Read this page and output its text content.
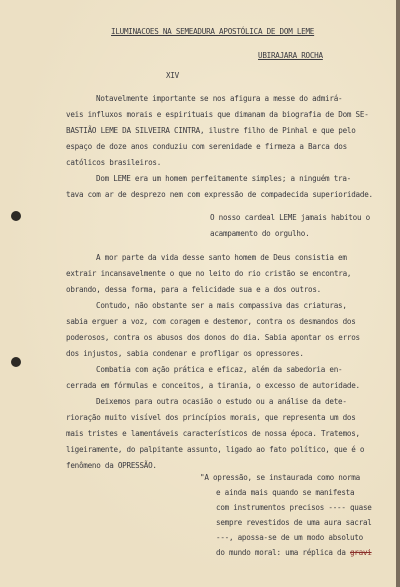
ILUMINACOES NA SEMEADURA APOSTÓLICA DE DOM LEME
UBIRAJARA ROCHA
XIV
Notavelmente importante se nos afigura a messe do admirá-
veis influxos morais e espirituais que dimanam da biografia de Dom SE-
BASTIÃO LEME DA SILVEIRA CINTRA, ilustre filho de Pinhal e que pelo
espaço de doze anos conduziu com serenidade e firmeza a Barca dos
católicos brasileiros.
Dom LEME era um homem perfeitamente simples; a ninguém tra-
tava com ar de desprezo nem com expressão de compadecida superioridade.
O nosso cardeal LEME jamais habitou o
acampamento do orgulho.
A mor parte da vida desse santo homem de Deus consistia em
extrair incansavelmente o que no leito do rio cristão se encontra,
obrando, dessa forma, para a felicidade sua e a dos outros.
Contudo, não obstante ser a mais compassiva das criaturas,
sabia erguer a voz, com coragem e destemor, contra os desmandos dos
poderosos, contra os abusos dos donos do dia. Sabia apontar os erros
dos injustos, sabia condenar e profligar os opressores.
Combatia com ação prática e eficaz, além da sabedoria en-
cerrada em fórmulas e conceitos, a tirania, o excesso de autoridade.
Deixemos para outra ocasião o estudo ou a análise da dete-
rioração muito visível dos princípios morais, que representa um dos
mais tristes e lamentáveis característicos de nossa época. Tratemos,
ligeiramente, do palpitante assunto, ligado ao fato político, que é o
fenômeno da OPRESSÃO.
"A opressão, se instaurada como norma
e ainda mais quando se manifesta
com instrumentos precisos ---- quase
sempre revestidos de uma aura sacral
---, apossa-se de um modo absoluto
do mundo moral: uma réplica da gravi
